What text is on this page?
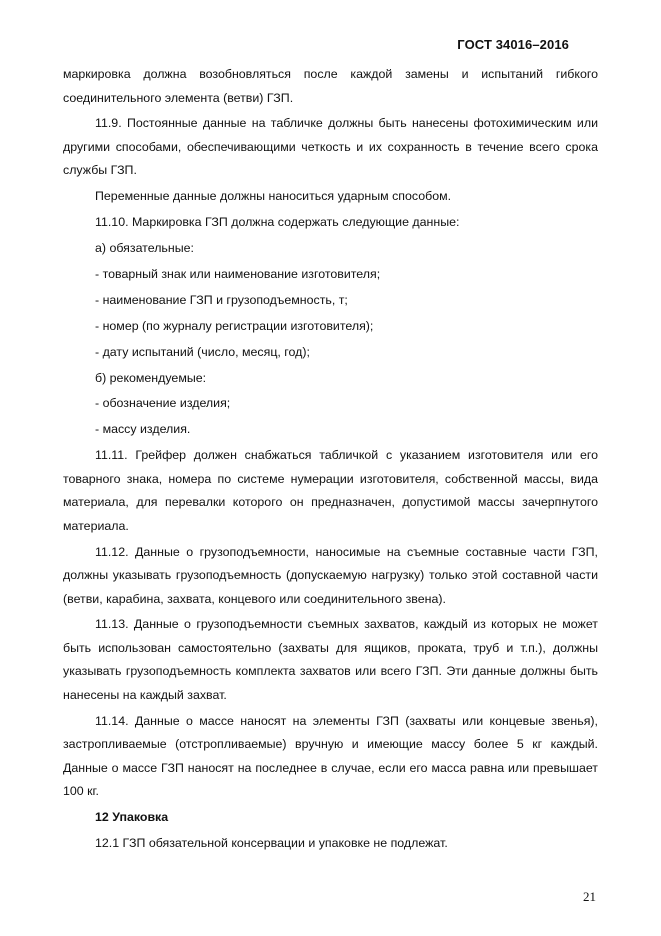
ГОСТ 34016–2016

маркировка должна возобновляться после каждой замены и испытаний гибкого соединительного элемента (ветви) ГЗП.

11.9. Постоянные данные на табличке должны быть нанесены фотохимическим или другими способами, обеспечивающими четкость и их сохранность в течение всего срока службы ГЗП.

Переменные данные должны наноситься ударным способом.

11.10. Маркировка ГЗП должна содержать следующие данные:

а) обязательные:

- товарный знак или наименование изготовителя;

- наименование ГЗП и грузоподъемность, т;

- номер (по журналу регистрации изготовителя);

- дату испытаний (число, месяц, год);

б) рекомендуемые:

- обозначение изделия;

- массу изделия.

11.11. Грейфер должен снабжаться табличкой с указанием изготовителя или его товарного знака, номера по системе нумерации изготовителя, собственной массы, вида материала, для перевалки которого он предназначен, допустимой массы зачерпнутого материала.

11.12. Данные о грузоподъемности, наносимые на съемные составные части ГЗП, должны указывать грузоподъемность (допускаемую нагрузку) только этой составной части (ветви, карабина, захвата, концевого или соединительного звена).

11.13. Данные о грузоподъемности съемных захватов, каждый из которых не может быть использован самостоятельно (захваты для ящиков, проката, труб и т.п.), должны указывать грузоподъемность комплекта захватов или всего ГЗП. Эти данные должны быть нанесены на каждый захват.

11.14. Данные о массе наносят на элементы ГЗП (захваты или концевые звенья), застропливаемые (отстропливаемые) вручную и имеющие массу более 5 кг каждый. Данные о массе ГЗП наносят на последнее в случае, если его масса равна или превышает 100 кг.

12 Упаковка

12.1 ГЗП обязательной консервации и упаковке не подлежат.

21
